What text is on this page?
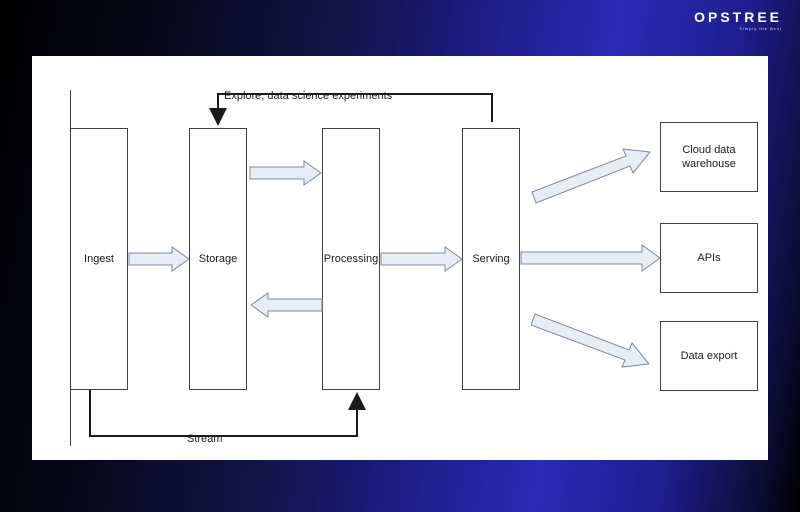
OPSTREE
Simply the Best
Ingest	Storage	Processing	Serving
Cloud data warehouse
APIs
Data export
Explore, data science experiments
Stream
